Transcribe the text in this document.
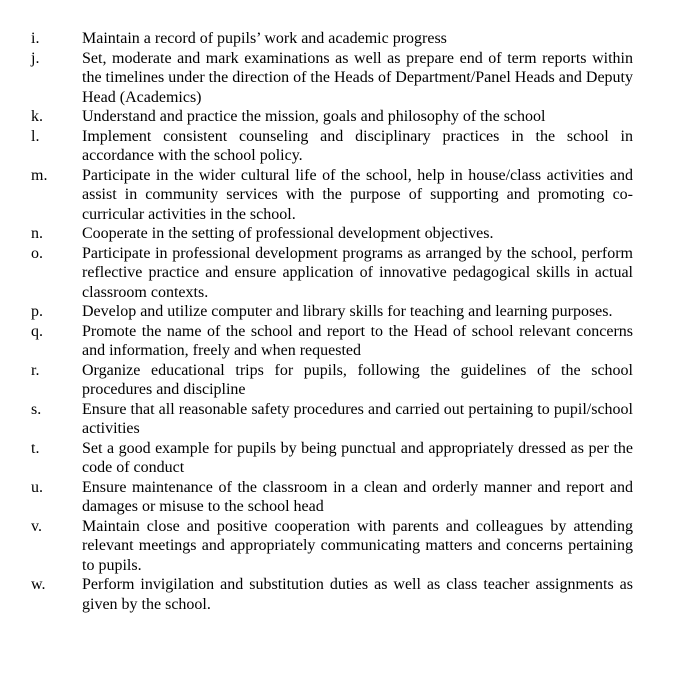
i.	Maintain a record of pupils’ work and academic progress
j.	Set, moderate and mark examinations as well as prepare end of term reports within the timelines under the direction of the Heads of Department/Panel Heads and Deputy Head (Academics)
k. Understand and practice the mission, goals and philosophy of the school
l.	Implement consistent counseling and disciplinary practices in the school in accordance with the school policy.
m. Participate in the wider cultural life of the school, help in house/class activities and assist in community services with the purpose of supporting and promoting co-curricular activities in the school.
n. Cooperate in the setting of professional development objectives.
o. Participate in professional development programs as arranged by the school, perform reflective practice and ensure application of innovative pedagogical skills in actual classroom contexts.
p. Develop and utilize computer and library skills for teaching and learning purposes.
q. Promote the name of the school and report to the Head of school relevant concerns and information, freely and when requested
r.	Organize educational trips for pupils, following the guidelines of the school procedures and discipline
s.	Ensure that all reasonable safety procedures and carried out pertaining to pupil/school activities
t.	Set a good example for pupils by being punctual and appropriately dressed as per the code of conduct
u. Ensure maintenance of the classroom in a clean and orderly manner and report and damages or misuse to the school head
v.	Maintain close and positive cooperation with parents and colleagues by attending relevant meetings and appropriately communicating matters and concerns pertaining to pupils.
w. Perform invigilation and substitution duties as well as class teacher assignments as given by the school.
